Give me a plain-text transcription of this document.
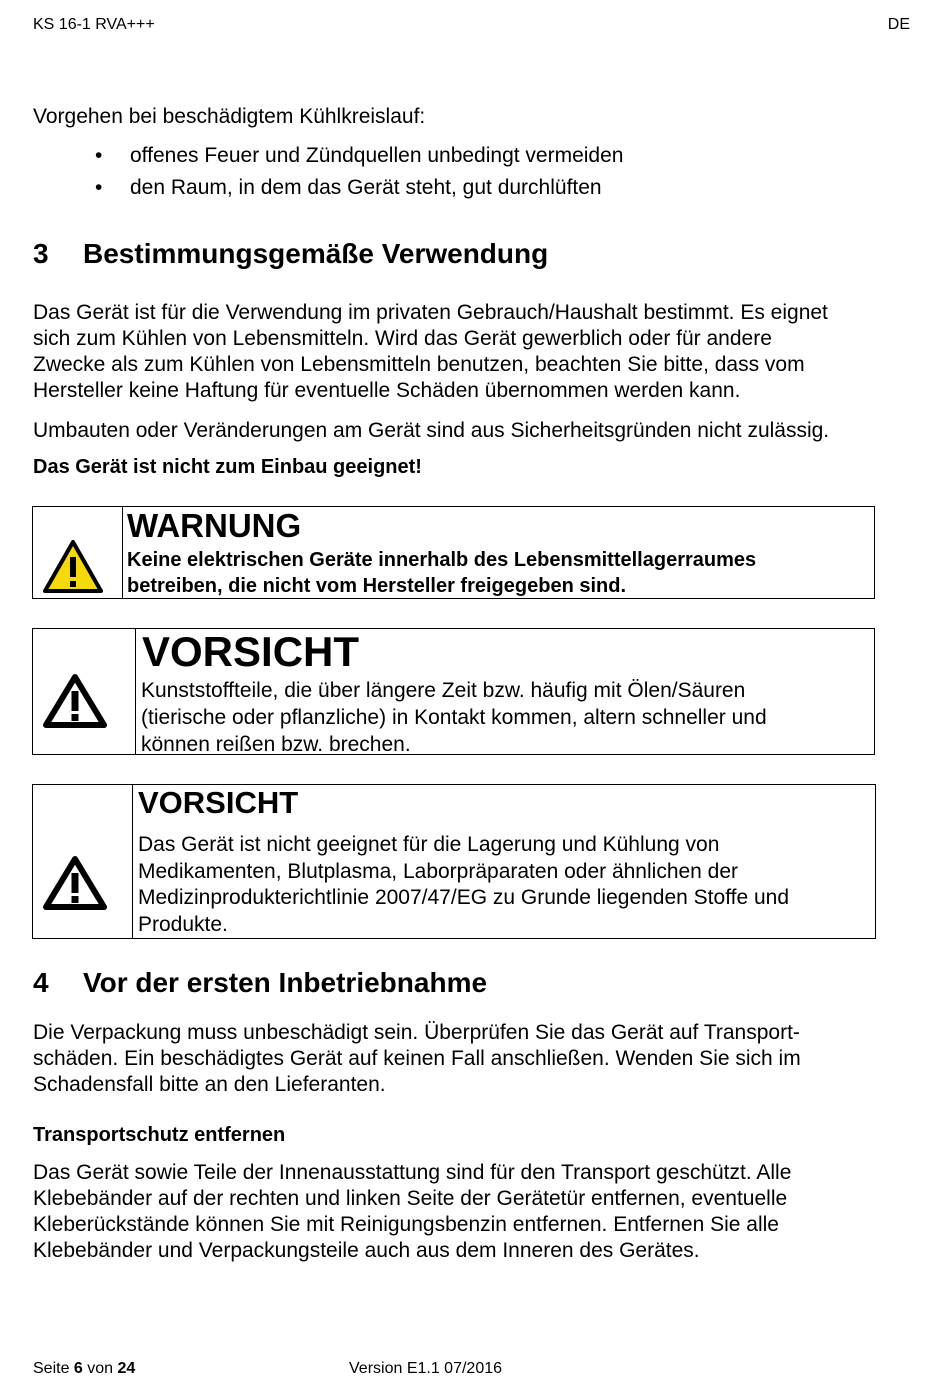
KS 16-1 RVA+++	DE
Vorgehen bei beschädigtem Kühlkreislauf:
•	offenes Feuer und Zündquellen unbedingt vermeiden
•	den Raum, in dem das Gerät steht, gut durchlüften
3 Bestimmungsgemäße Verwendung
Das Gerät ist für die Verwendung im privaten Gebrauch/Haushalt bestimmt. Es eignet
sich zum Kühlen von Lebensmitteln. Wird das Gerät gewerblich oder für andere
Zwecke als zum Kühlen von Lebensmitteln benutzen, beachten Sie bitte, dass vom
Hersteller keine Haftung für eventuelle Schäden übernommen werden kann.
Umbauten oder Veränderungen am Gerät sind aus Sicherheitsgründen nicht zulässig.
Das Gerät ist nicht zum Einbau geeignet!
WARNUNG
Keine elektrischen Geräte innerhalb des Lebensmittellagerraumes
betreiben, die nicht vom Hersteller freigegeben sind.
VORSICHT
Kunststoffteile, die über längere Zeit bzw. häufig mit Ölen/Säuren
(tierische oder pflanzliche) in Kontakt kommen, altern schneller und
können reißen bzw. brechen.
VORSICHT
Das Gerät ist nicht geeignet für die Lagerung und Kühlung von
Medikamenten, Blutplasma, Laborpräparaten oder ähnlichen der
Medizinprodukterichtlinie 2007/47/EG zu Grunde liegenden Stoffe und
Produkte.
4 Vor der ersten Inbetriebnahme
Die Verpackung muss unbeschädigt sein. Überprüfen Sie das Gerät auf Transport-
schäden. Ein beschädigtes Gerät auf keinen Fall anschließen. Wenden Sie sich im
Schadensfall bitte an den Lieferanten.
Transportschutz entfernen
Das Gerät sowie Teile der Innenausstattung sind für den Transport geschützt. Alle
Klebebänder auf der rechten und linken Seite der Gerätetür entfernen, eventuelle
Kleberückstände können Sie mit Reinigungsbenzin entfernen. Entfernen Sie alle
Klebebänder und Verpackungsteile auch aus dem Inneren des Gerätes.
Seite 6 von 24	Version E1.1 07/2016
